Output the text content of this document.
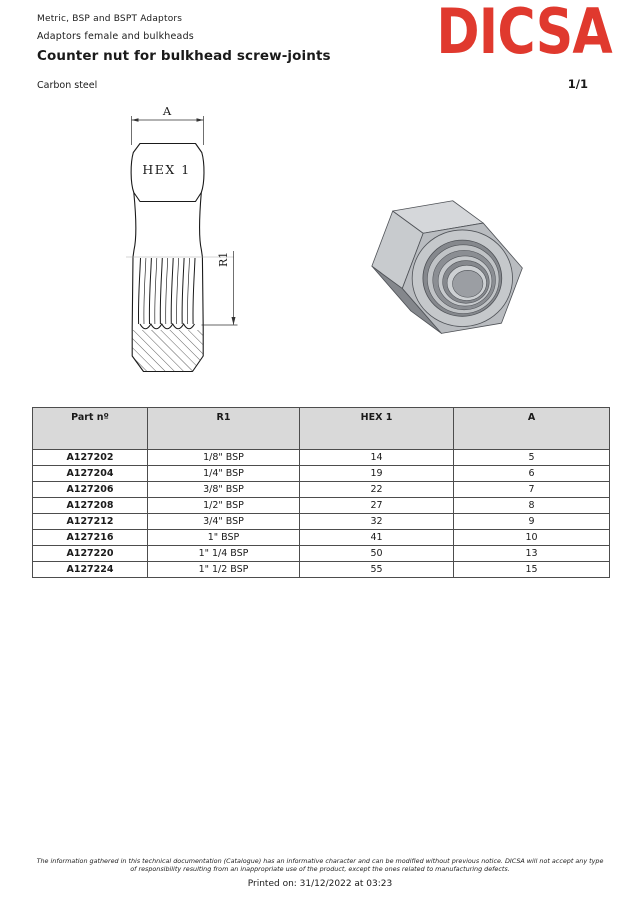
Metric, BSP and BSPT Adaptors
Adaptors female and bulkheads
Counter nut for bulkhead screw-joints DICSA
Carbon steel	1/1
A
HEX 1
R1
Part nº	R1	HEX 1	A
A127202	1/8" BSP	14	5
A127204	1/4" BSP	19	6
A127206	3/8" BSP	22	7
A127208	1/2" BSP	27	8
A127212	3/4" BSP	32	9
A127216	1" BSP	41	10
A127220	1" 1/4 BSP	50	13
A127224	1" 1/2 BSP	55	15
The information gathered in this technical documentation (Catalogue) has an informative character and can be modified without previous notice. DICSA will not accept any type
of responsibility resulting from an inappropriate use of the product, except the ones related to manufacturing defects.
Printed on: 31/12/2022 at 03:23
